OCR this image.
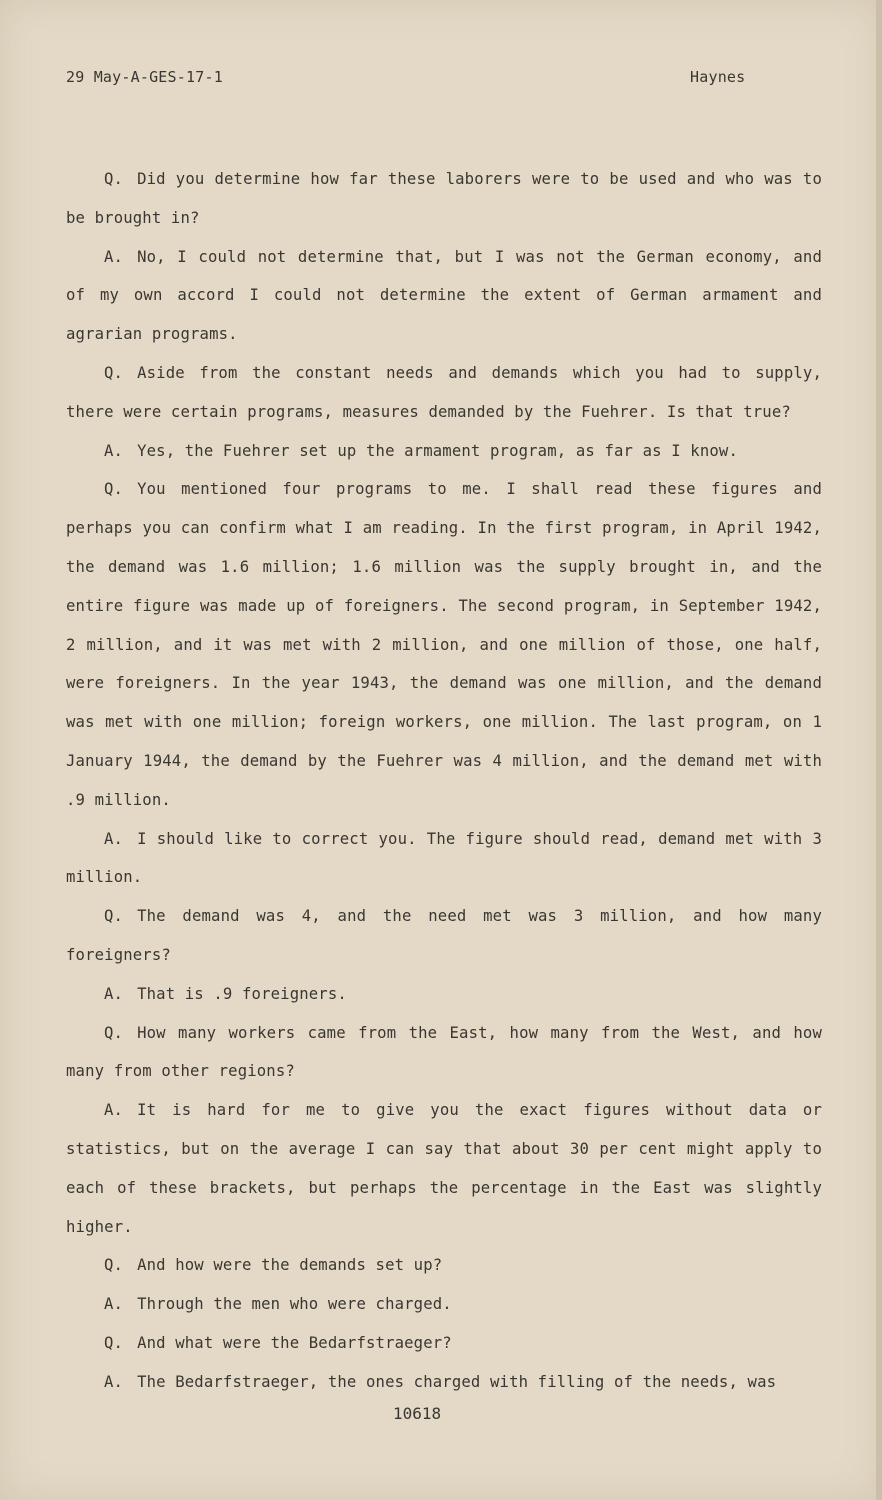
29 May-A-GES-17-1	Haynes

Q. Did you determine how far these laborers were to be used and who was to be brought in?

A. No, I could not determine that, but I was not the German economy, and of my own accord I could not determine the extent of German armament and agrarian programs.

Q. Aside from the constant needs and demands which you had to supply, there were certain programs, measures demanded by the Fuehrer. Is that true?

A. Yes, the Fuehrer set up the armament program, as far as I know.

Q. You mentioned four programs to me. I shall read these figures and perhaps you can confirm what I am reading. In the first program, in April 1942, the demand was 1.6 million; 1.6 million was the supply brought in, and the entire figure was made up of foreigners. The second program, in September 1942, 2 million, and it was met with 2 million, and one million of those, one half, were foreigners. In the year 1943, the demand was one million, and the demand was met with one million; foreign workers, one million. The last program, on 1 January 1944, the demand by the Fuehrer was 4 million, and the demand met with .9 million.

A. I should like to correct you. The figure should read, demand met with 3 million.

Q. The demand was 4, and the need met was 3 million, and how many foreigners?

A. That is .9 foreigners.

Q. How many workers came from the East, how many from the West, and how many from other regions?

A. It is hard for me to give you the exact figures without data or statistics, but on the average I can say that about 30 per cent might apply to each of these brackets, but perhaps the percentage in the East was slightly higher.

Q. And how were the demands set up?

A. Through the men who were charged.

Q. And what were the Bedarfstraeger?

A. The Bedarfstraeger, the ones charged with filling of the needs, was

10618
